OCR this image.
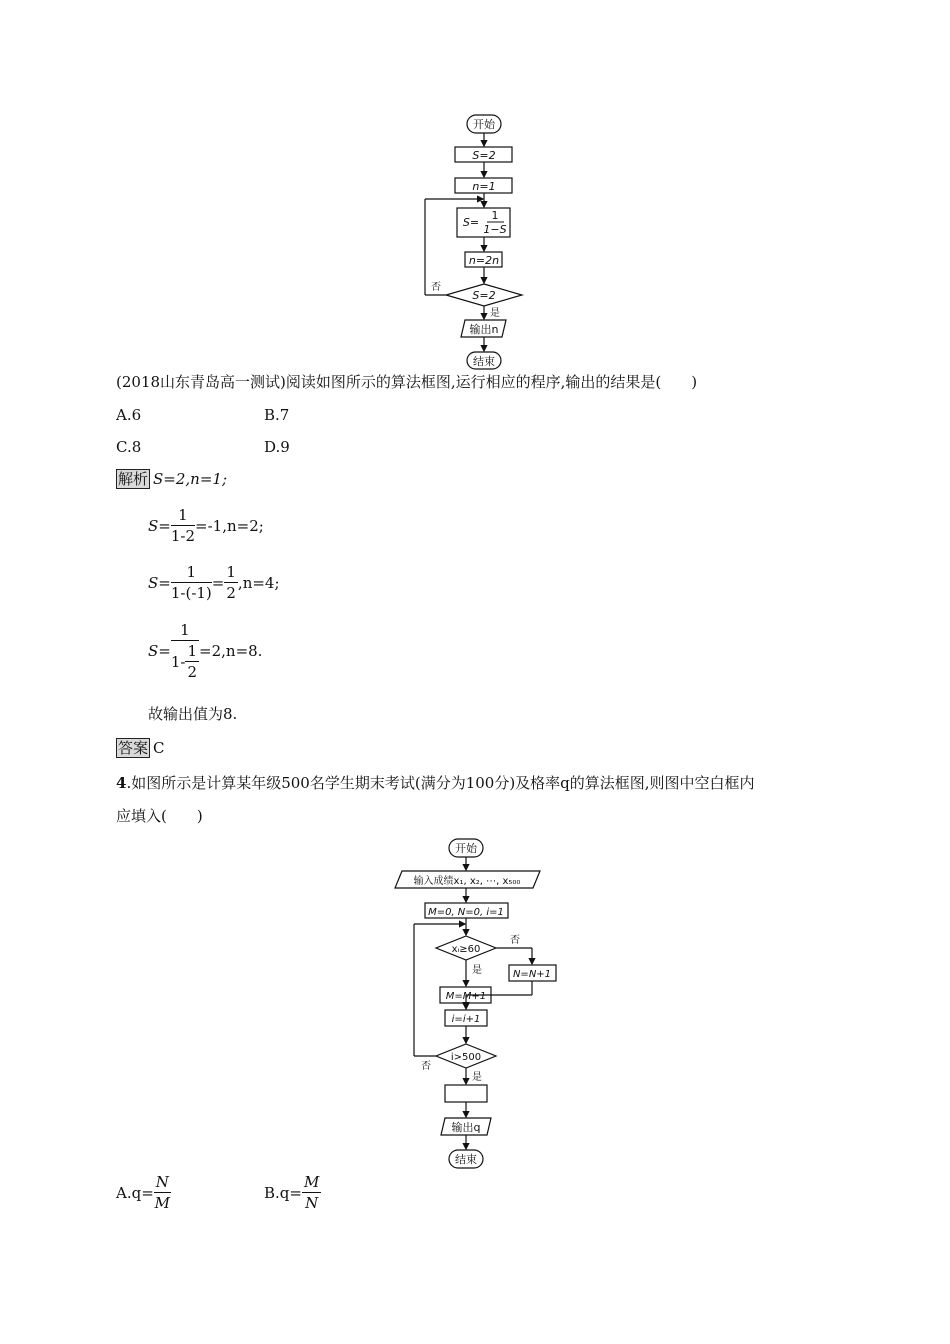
开始
S=2
n=1
S=
1
1−S
n=2n
S=2
否
是
输出n
结束
(2018山东青岛高一测试)阅读如图所示的算法框图,运行相应的程序,输出的结果是(　　)
A.6	B.7
C.8	D.9
解析 S=2,n=1;
$S= \frac{1}{1-2} =-1,n=2$;
$S= \frac{1}{1-(-1)} = \frac{1}{2} ,n=4$;
$S= \frac{1}{1- \frac{1}{2}} =2,n=8$.
故输出值为8.
答案 C
4.如图所示是计算某年级500名学生期末考试(满分为100分)及格率q的算法框图,则图中空白框内
应填入(　　)
开始
输入成绩x₁, x₂, ⋯, x₅₀₀
M=0, N=0, i=1
xᵢ≥60
否
是	N=N+1
M=M+1
i=i+1
i>500
否
是
输出q
结束
$A.q= \frac{N}{M}$	$B.q= \frac{M}{N}$
